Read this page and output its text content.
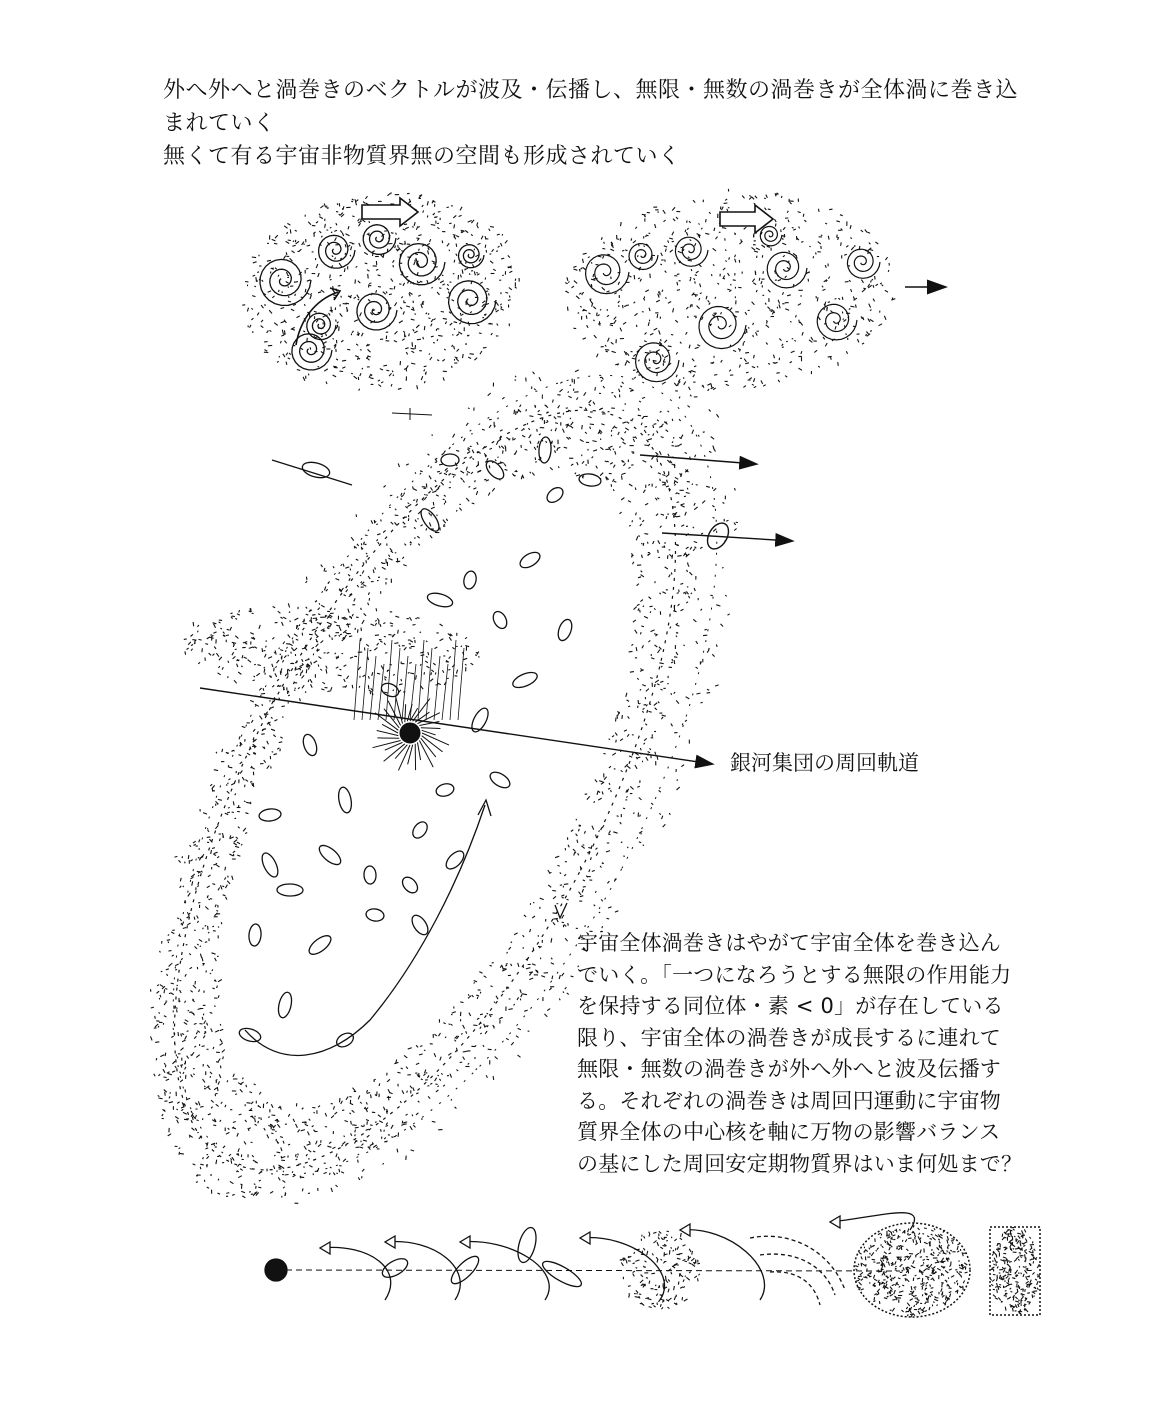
外へ外へと渦巻きのベクトルが波及・伝播し、無限・無数の渦巻きが全体渦に巻き込
まれていく
無くて有る宇宙非物質界無の空間も形成されていく
銀河集団の周回軌道
宇宙全体渦巻きはやがて宇宙全体を巻き込ん
でいく。「一つになろうとする無限の作用能力
を保持する同位体・素 < 0」が存在している
限り、宇宙全体の渦巻きが成長するに連れて
無限・無数の渦巻きが外へ外へと波及伝播す
る。それぞれの渦巻きは周回円運動に宇宙物
質界全体の中心核を軸に万物の影響バランス
の基にした周回安定期物質界はいま何処まで？
